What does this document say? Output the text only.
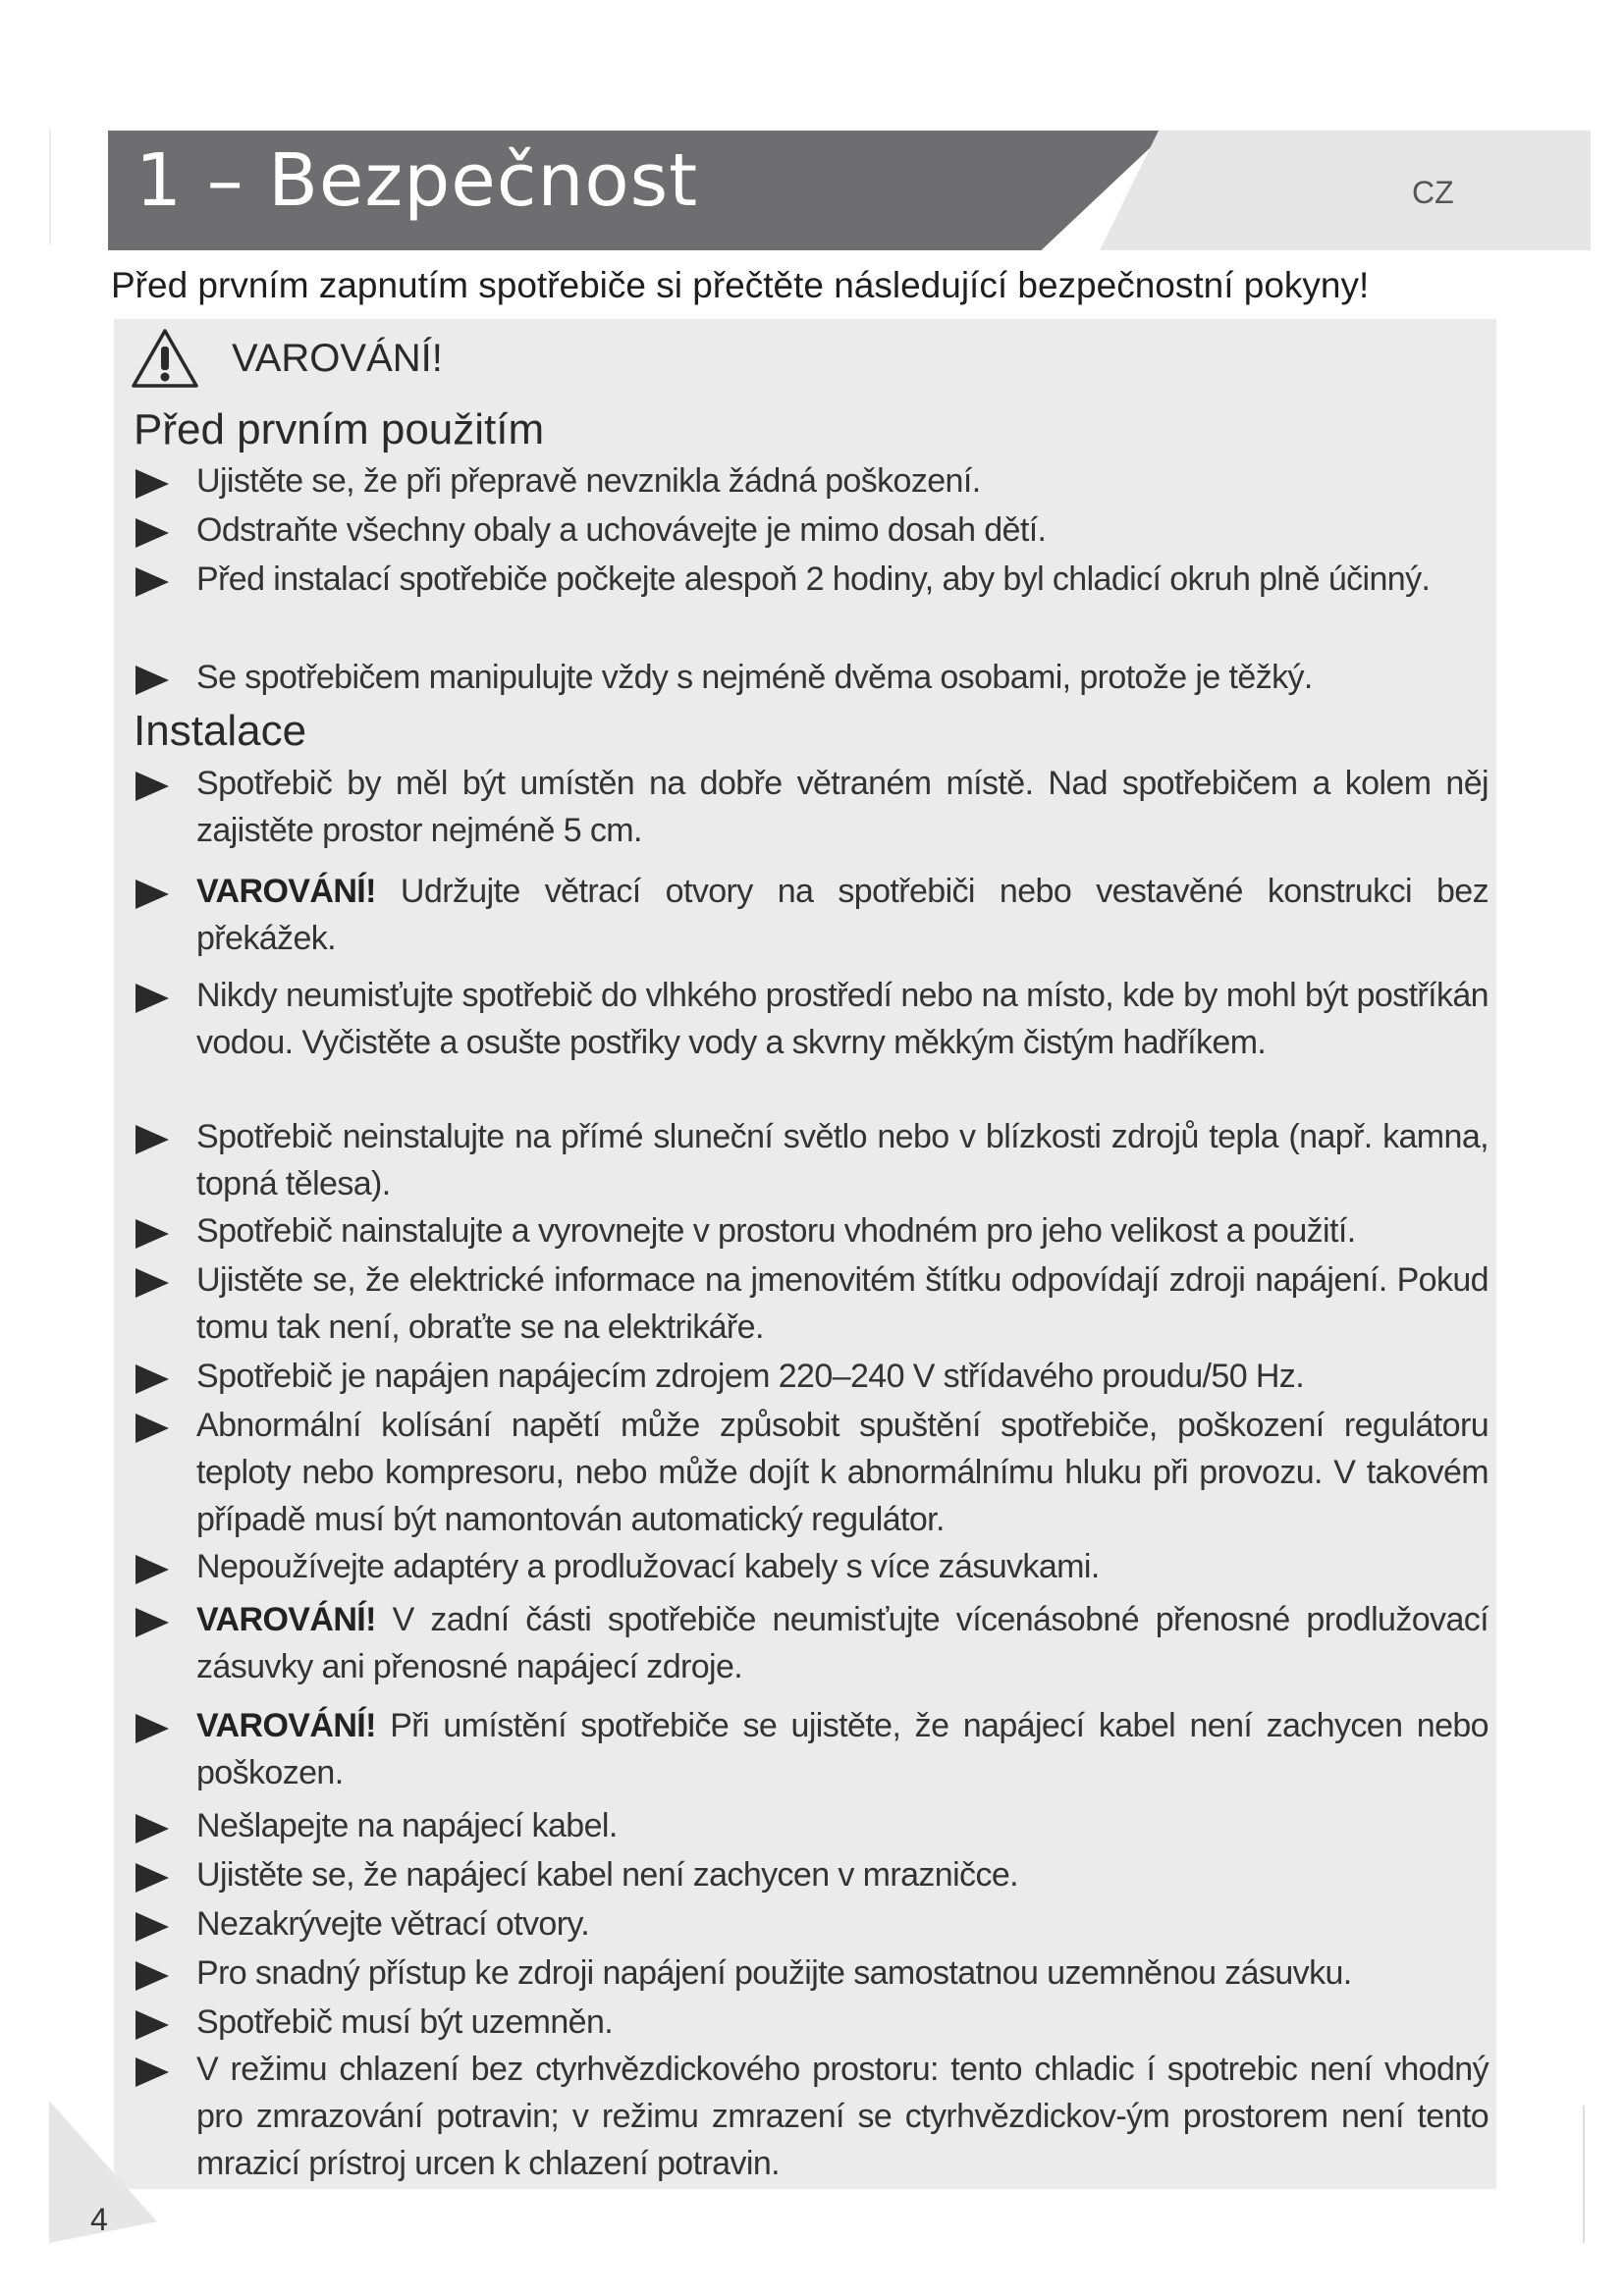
1 – Bezpečnost	CZ
Před prvním zapnutím spotřebiče si přečtěte následující bezpečnostní pokyny!
VAROVÁNÍ!
Před prvním použitím
Ujistěte se, že při přepravě nevznikla žádná poškození.
Odstraňte všechny obaly a uchovávejte je mimo dosah dětí.
Před instalací spotřebiče počkejte alespoň 2 hodiny, aby byl chladicí okruh plně účinný.
Se spotřebičem manipulujte vždy s nejméně dvěma osobami, protože je těžký.
Instalace
Spotřebič by měl být umístěn na dobře větraném místě. Nad spotřebičem a kolem něj zajistěte prostor nejméně 5 cm.
VAROVÁNÍ! Udržujte větrací otvory na spotřebiči nebo vestavěné konstrukci bez překážek.
Nikdy neumisťujte spotřebič do vlhkého prostředí nebo na místo, kde by mohl být postříkán vodou. Vyčistěte a osušte postřiky vody a skvrny měkkým čistým hadříkem.
Spotřebič neinstalujte na přímé sluneční světlo nebo v blízkosti zdrojů tepla (např. kamna, topná tělesa).
Spotřebič nainstalujte a vyrovnejte v prostoru vhodném pro jeho velikost a použití.
Ujistěte se, že elektrické informace na jmenovitém štítku odpovídají zdroji napájení. Pokud tomu tak není, obraťte se na elektrikáře.
Spotřebič je napájen napájecím zdrojem 220–240 V střídavého proudu/50 Hz.
Abnormální kolísání napětí může způsobit spuštění spotřebiče, poškození regulátoru teploty nebo kompresoru, nebo může dojít k abnormálnímu hluku při provozu. V takovém případě musí být namontován automatický regulátor.
Nepoužívejte adaptéry a prodlužovací kabely s více zásuvkami.
VAROVÁNÍ! V zadní části spotřebiče neumisťujte vícenásobné přenosné prodlužovací zásuvky ani přenosné napájecí zdroje.
VAROVÁNÍ! Při umístění spotřebiče se ujistěte, že napájecí kabel není zachycen nebo poškozen.
Nešlapejte na napájecí kabel.
Ujistěte se, že napájecí kabel není zachycen v mrazničce.
Nezakrývejte větrací otvory.
Pro snadný přístup ke zdroji napájení použijte samostatnou uzemněnou zásuvku.
Spotřebič musí být uzemněn.
V režimu chlazení bez ctyrhvězdickového prostoru: tento chladic í spotrebic není vhodný pro zmrazování potravin; v režimu zmrazení se ctyrhvězdickov-ým prostorem není tento mrazicí prístroj urcen k chlazení potravin.
4
